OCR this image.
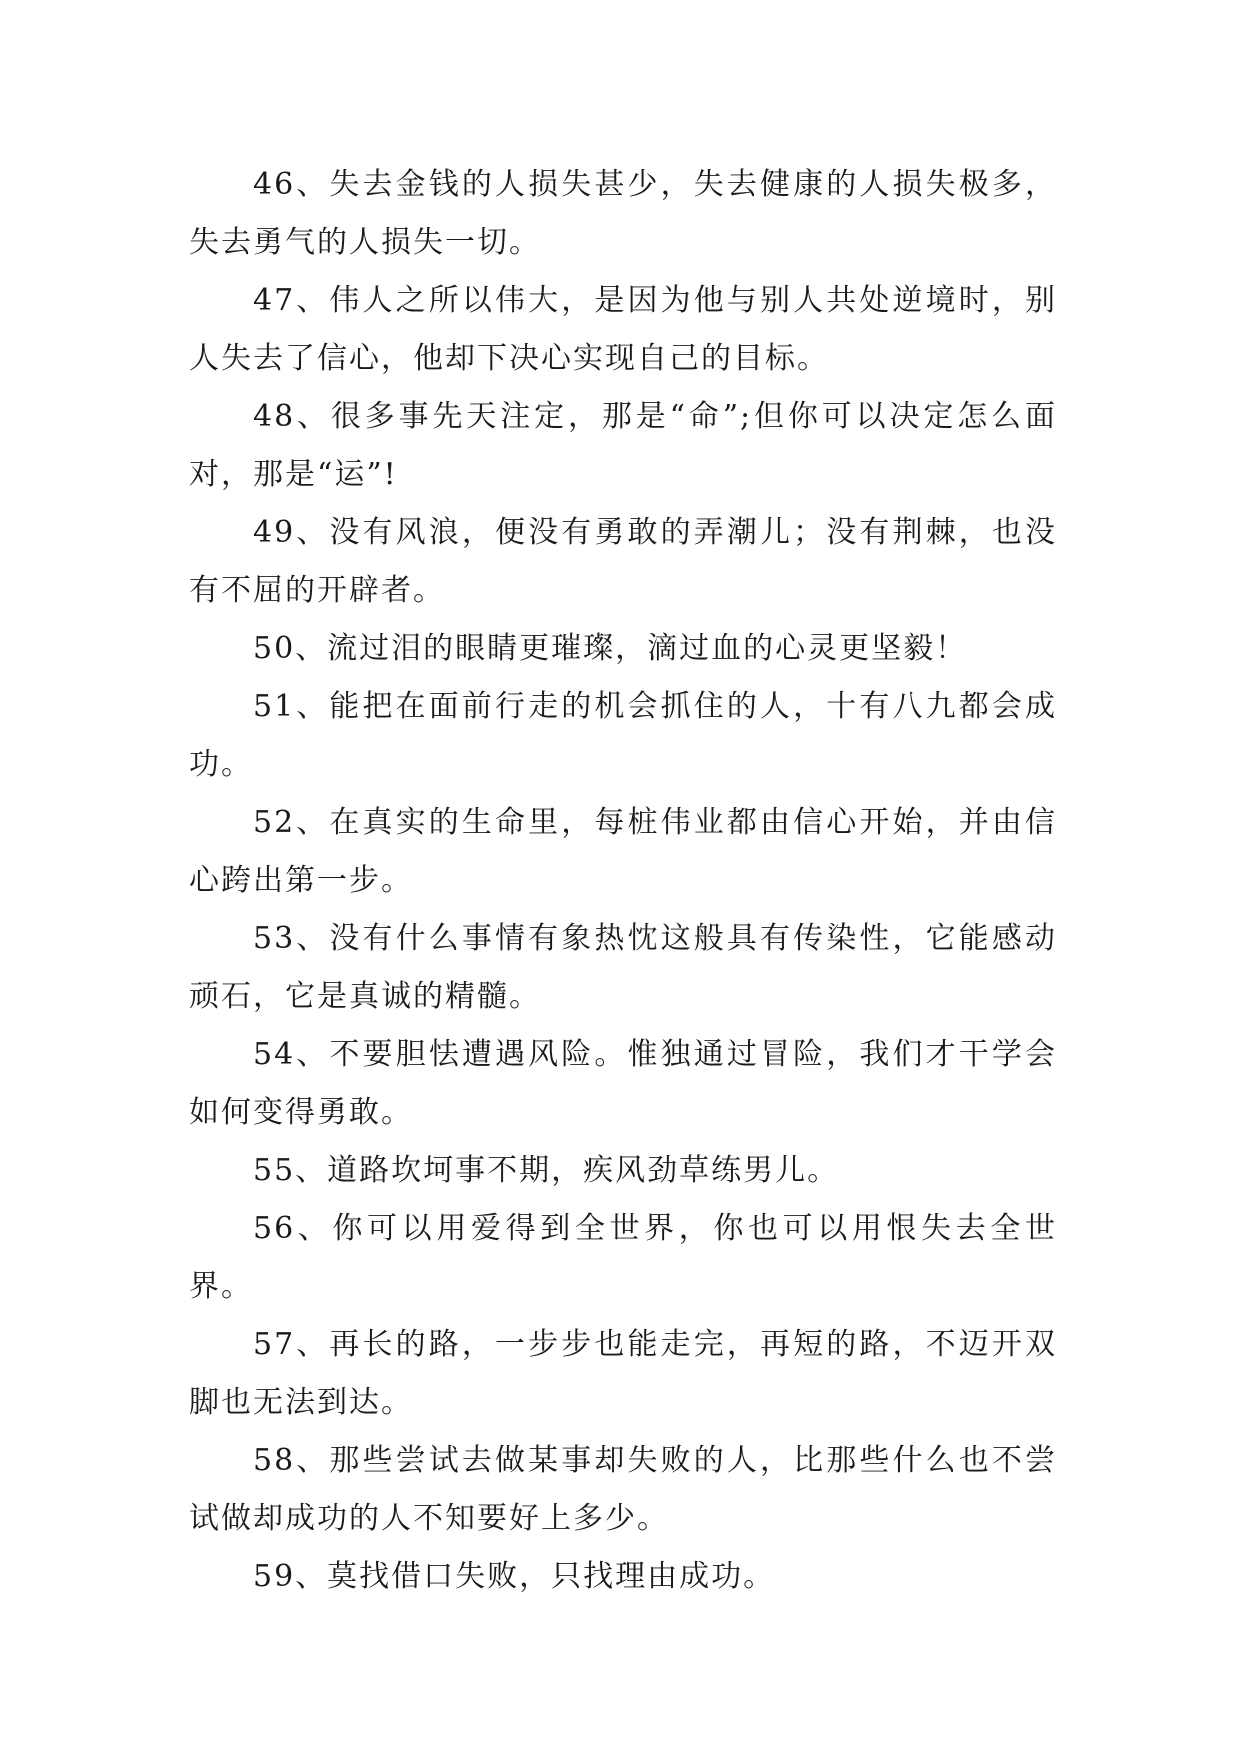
46、失去金钱的人损失甚少，失去健康的人损失极多，失去勇气的人损失一切。

47、伟人之所以伟大，是因为他与别人共处逆境时，别人失去了信心，他却下决心实现自己的目标。

48、很多事先天注定，那是“命”;但你可以决定怎么面对，那是“运”!

49、没有风浪，便没有勇敢的弄潮儿；没有荆棘，也没有不屈的开辟者。

50、流过泪的眼睛更璀璨，滴过血的心灵更坚毅！

51、能把在面前行走的机会抓住的人，十有八九都会成功。

52、在真实的生命里，每桩伟业都由信心开始，并由信心跨出第一步。

53、没有什么事情有象热忱这般具有传染性，它能感动顽石，它是真诚的精髓。

54、不要胆怯遭遇风险。惟独通过冒险，我们才干学会如何变得勇敢。

55、道路坎坷事不期，疾风劲草练男儿。

56、你可以用爱得到全世界，你也可以用恨失去全世界。

57、再长的路，一步步也能走完，再短的路，不迈开双脚也无法到达。

58、那些尝试去做某事却失败的人，比那些什么也不尝试做却成功的人不知要好上多少。

59、莫找借口失败，只找理由成功。
